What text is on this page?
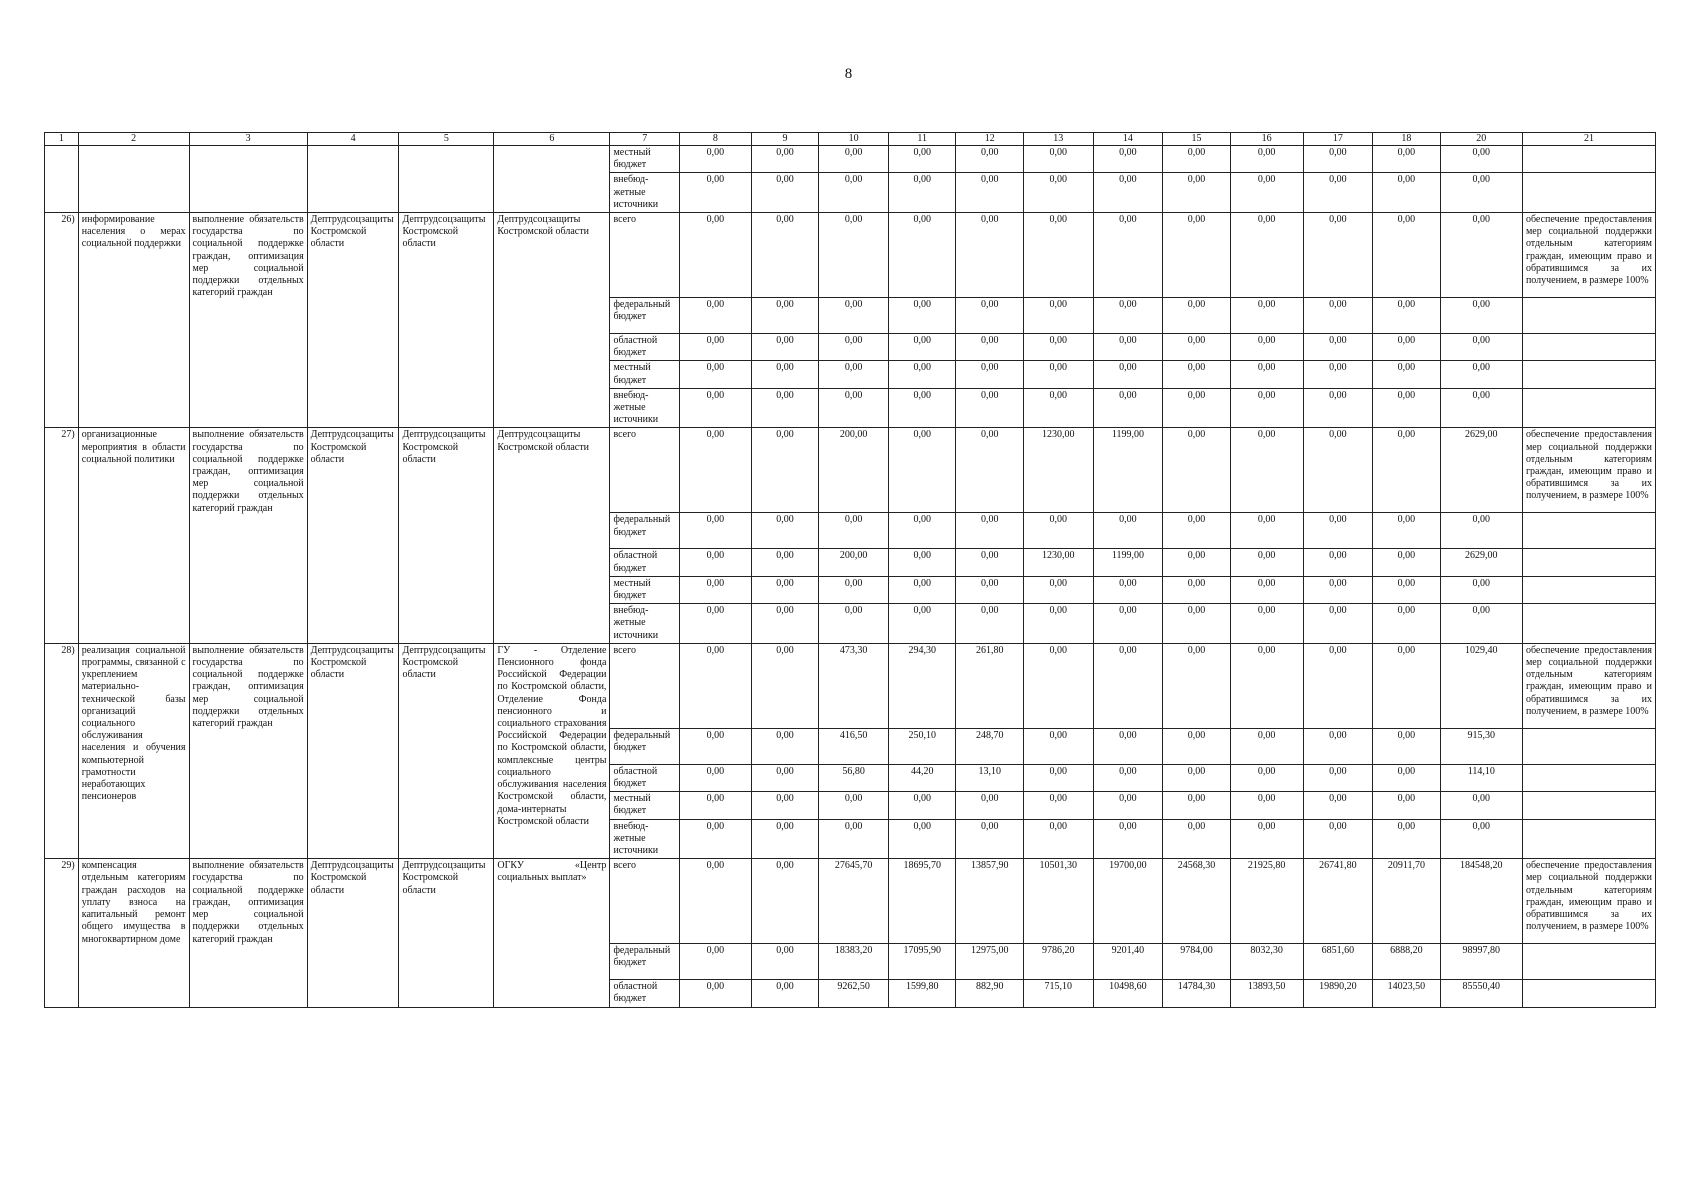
8
1	2	3	4	5	6	7	8	9	10	11	12	13	14	15	16	17	18	20	21
						местный бюджет	0,00	0,00	0,00	0,00	0,00	0,00	0,00	0,00	0,00	0,00	0,00	0,00	
						внебюд-жетные источники	0,00	0,00	0,00	0,00	0,00	0,00	0,00	0,00	0,00	0,00	0,00	0,00	
26)	информирование населения о мерах социальной поддержки	выполнение обязательств государства по социальной поддержке граждан, оптимизация мер социальной поддержки отдельных категорий граждан	Дептрудсоцзащиты Костромской области	Дептрудсоцзащиты Костромской области	Дептрудсоцзащиты Костромской области	всего	0,00	0,00	0,00	0,00	0,00	0,00	0,00	0,00	0,00	0,00	0,00	0,00	обеспечение предоставления мер социальной поддержки отдельным категориям граждан, имеющим право и обратившимся за их получением, в размере 100%
						федеральный бюджет	0,00	0,00	0,00	0,00	0,00	0,00	0,00	0,00	0,00	0,00	0,00	0,00	
						областной бюджет	0,00	0,00	0,00	0,00	0,00	0,00	0,00	0,00	0,00	0,00	0,00	0,00	
						местный бюджет	0,00	0,00	0,00	0,00	0,00	0,00	0,00	0,00	0,00	0,00	0,00	0,00	
						внебюд-жетные источники	0,00	0,00	0,00	0,00	0,00	0,00	0,00	0,00	0,00	0,00	0,00	0,00	
27)	организационные мероприятия в области социальной политики	выполнение обязательств государства по социальной поддержке граждан, оптимизация мер социальной поддержки отдельных категорий граждан	Дептрудсоцзащиты Костромской области	Дептрудсоцзащиты Костромской области	Дептрудсоцзащиты Костромской области	всего	0,00	0,00	200,00	0,00	0,00	1230,00	1199,00	0,00	0,00	0,00	0,00	2629,00	обеспечение предоставления мер социальной поддержки отдельным категориям граждан, имеющим право и обратившимся за их получением, в размере 100%
						федеральный бюджет	0,00	0,00	0,00	0,00	0,00	0,00	0,00	0,00	0,00	0,00	0,00	0,00	
						областной бюджет	0,00	0,00	200,00	0,00	0,00	1230,00	1199,00	0,00	0,00	0,00	0,00	2629,00	
						местный бюджет	0,00	0,00	0,00	0,00	0,00	0,00	0,00	0,00	0,00	0,00	0,00	0,00	
						внебюд-жетные источники	0,00	0,00	0,00	0,00	0,00	0,00	0,00	0,00	0,00	0,00	0,00	0,00	
28)	реализация социальной программы, связанной с укреплением материально-технической базы организаций социального обслуживания населения и обучения компьютерной грамотности неработающих пенсионеров	выполнение обязательств государства по социальной поддержке граждан, оптимизация мер социальной поддержки отдельных категорий граждан	Дептрудсоцзащиты Костромской области	Дептрудсоцзащиты Костромской области	ГУ - Отделение Пенсионного фонда Российской Федерации по Костромской области, Отделение Фонда пенсионного и социального страхования Российской Федерации по Костромской области, комплексные центры социального обслуживания населения Костромской области, дома-интернаты Костромской области	всего	0,00	0,00	473,30	294,30	261,80	0,00	0,00	0,00	0,00	0,00	0,00	1029,40	обеспечение предоставления мер социальной поддержки отдельным категориям граждан, имеющим право и обратившимся за их получением, в размере 100%
						федеральный бюджет	0,00	0,00	416,50	250,10	248,70	0,00	0,00	0,00	0,00	0,00	0,00	915,30	
						областной бюджет	0,00	0,00	56,80	44,20	13,10	0,00	0,00	0,00	0,00	0,00	0,00	114,10	
						местный бюджет	0,00	0,00	0,00	0,00	0,00	0,00	0,00	0,00	0,00	0,00	0,00	0,00	
						внебюд-жетные источники	0,00	0,00	0,00	0,00	0,00	0,00	0,00	0,00	0,00	0,00	0,00	0,00	
29)	компенсация отдельным категориям граждан расходов на уплату взноса на капитальный ремонт общего имущества в многоквартирном доме	выполнение обязательств государства по социальной поддержке граждан, оптимизация мер социальной поддержки отдельных категорий граждан	Дептрудсоцзащиты Костромской области	Дептрудсоцзащиты Костромской области	ОГКУ «Центр социальных выплат»	всего	0,00	0,00	27645,70	18695,70	13857,90	10501,30	19700,00	24568,30	21925,80	26741,80	20911,70	184548,20	обеспечение предоставления мер социальной поддержки отдельным категориям граждан, имеющим право и обратившимся за их получением, в размере 100%
						федеральный бюджет	0,00	0,00	18383,20	17095,90	12975,00	9786,20	9201,40	9784,00	8032,30	6851,60	6888,20	98997,80	
						областной бюджет	0,00	0,00	9262,50	1599,80	882,90	715,10	10498,60	14784,30	13893,50	19890,20	14023,50	85550,40	
